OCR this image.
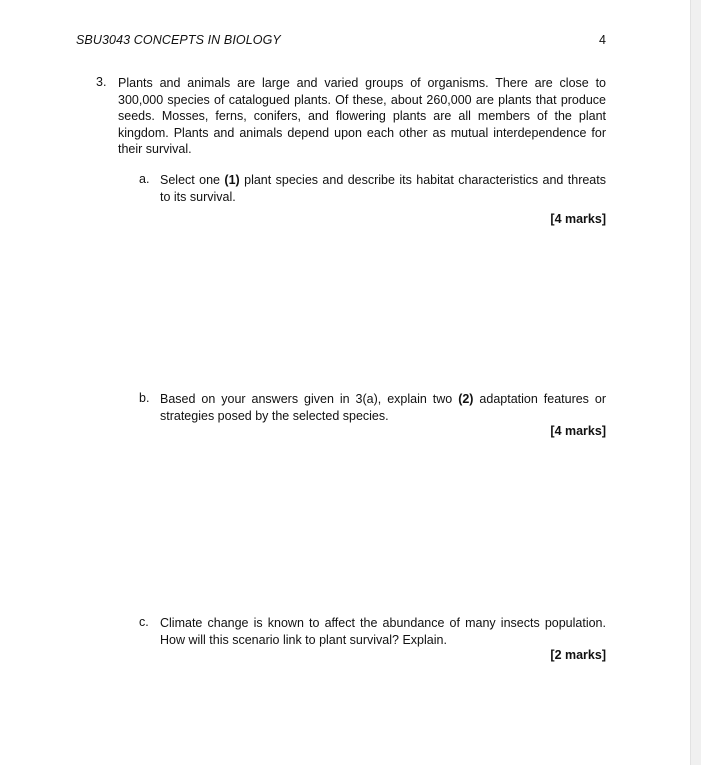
SBU3043 CONCEPTS IN BIOLOGY	4
3. Plants and animals are large and varied groups of organisms. There are close to 300,000 species of catalogued plants. Of these, about 260,000 are plants that produce seeds. Mosses, ferns, conifers, and flowering plants are all members of the plant kingdom. Plants and animals depend upon each other as mutual interdependence for their survival.
a. Select one (1) plant species and describe its habitat characteristics and threats to its survival.
[4 marks]
b. Based on your answers given in 3(a), explain two (2) adaptation features or strategies posed by the selected species.
[4 marks]
c. Climate change is known to affect the abundance of many insects population. How will this scenario link to plant survival? Explain.
[2 marks]
